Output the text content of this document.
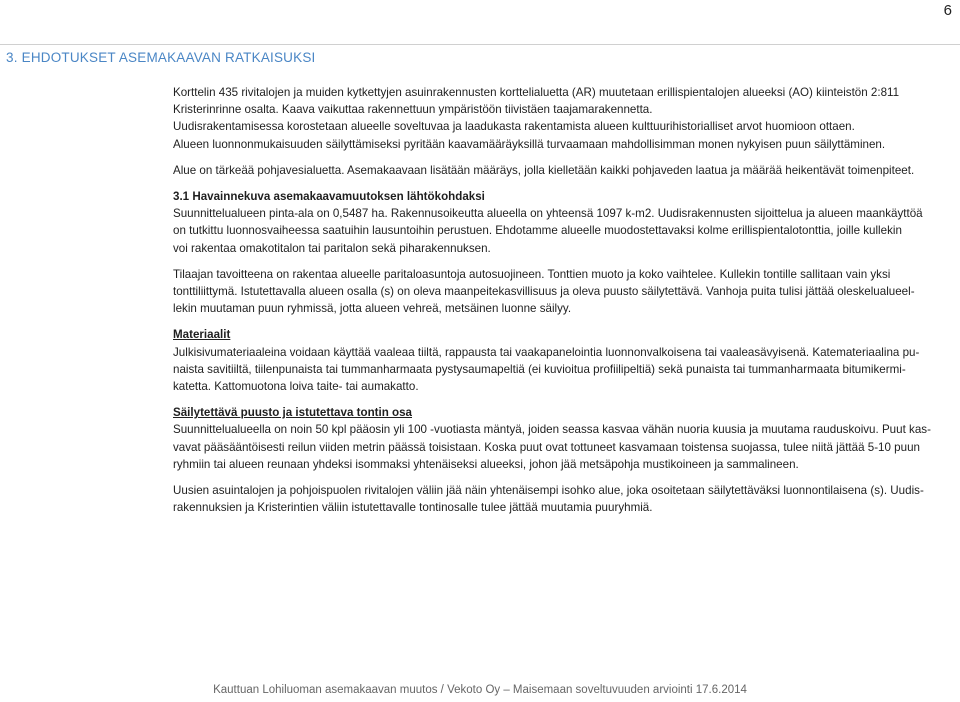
6
3. EHDOTUKSET ASEMAKAAVAN RATKAISUKSI

Korttelin 435 rivitalojen ja muiden kytkettyjen asuinrakennusten korttelialuetta (AR) muutetaan erillispientalojen alueeksi (AO) kiinteistön 2:811

Kristerinrinne osalta. Kaava vaikuttaa rakennettuun ympäristöön tiivistäen taajamarakennetta.

Uudisrakentamisessa korostetaan alueelle soveltuvaa ja laadukasta rakentamista alueen kulttuurihistorialliset arvot huomioon ottaen.

Alueen luonnonmukaisuuden säilyttämiseksi pyritään kaavamääräyksillä turvaamaan mahdollisimman monen nykyisen puun säilyttäminen.

Alue on tärkeää pohjavesialuetta. Asemakaavaan lisätään määräys, jolla kielletään kaikki pohjaveden laatua ja määrää heikentävät toimenpiteet.

3.1 Havainnekuva asemakaavamuutoksen lähtökohdaksi

Suunnittelualueen pinta-ala on 0,5487 ha. Rakennusoikeutta alueella on yhteensä 1097 k-m2. Uudisrakennusten sijoittelua ja alueen maankäyttöä

on tutkittu luonnosvaiheessa saatuihin lausuntoihin perustuen. Ehdotamme alueelle muodostettavaksi kolme erillispientalotonttia, joille kullekin

voi rakentaa omakotitalon tai paritalon sekä piharakennuksen.

Tilaajan tavoitteena on rakentaa alueelle paritaloasuntoja autosuojineen. Tonttien muoto ja koko vaihtelee. Kullekin tontille sallitaan vain yksi

tonttiliittymä. Istutettavalla alueen osalla (s) on oleva maanpeitekasvillisuus ja oleva puusto säilytettävä. Vanhoja puita tulisi jättää oleskelualueel-

lekin muutaman puun ryhmissä, jotta alueen vehreä, metsäinen luonne säilyy.

Materiaalit

Julkisivumateriaaleina voidaan käyttää vaaleaa tiiltä, rappausta tai vaakapanelointia luonnonvalkoisena tai vaaleasävyisenä. Katemateriaalina pu-

naista savitiiltä, tiilenpunaista tai tummanharmaata pystysaumapeltiä (ei kuvioitua profiilipeltiä) sekä punaista tai tummanharmaata bitumikermi-

katetta. Kattomuotona loiva taite- tai aumakatto.

Säilytettävä puusto ja istutettava tontin osa

Suunnittelualueella on noin 50 kpl pääosin yli 100 -vuotiasta mäntyä, joiden seassa kasvaa vähän nuoria kuusia ja muutama rauduskoivu. Puut kas-

vavat pääsääntöisesti reilun viiden metrin päässä toisistaan. Koska puut ovat tottuneet kasvamaan toistensa suojassa, tulee niitä jättää 5-10 puun

ryhmiin tai alueen reunaan yhdeksi isommaksi yhtenäiseksi alueeksi, johon jää metsäpohja mustikoineen ja sammalineen.

Uusien asuintalojen ja pohjoispuolen rivitalojen väliin jää näin yhtenäisempi isohko alue, joka osoitetaan säilytettäväksi luonnontilaisena (s). Uudis-

rakennuksien ja Kristerintien väliin istutettavalle tontinosalle tulee jättää muutamia puuryhmiä.

Kauttuan Lohiluoman asemakaavan muutos / Vekoto Oy – Maisemaan soveltuvuuden arviointi 17.6.2014
